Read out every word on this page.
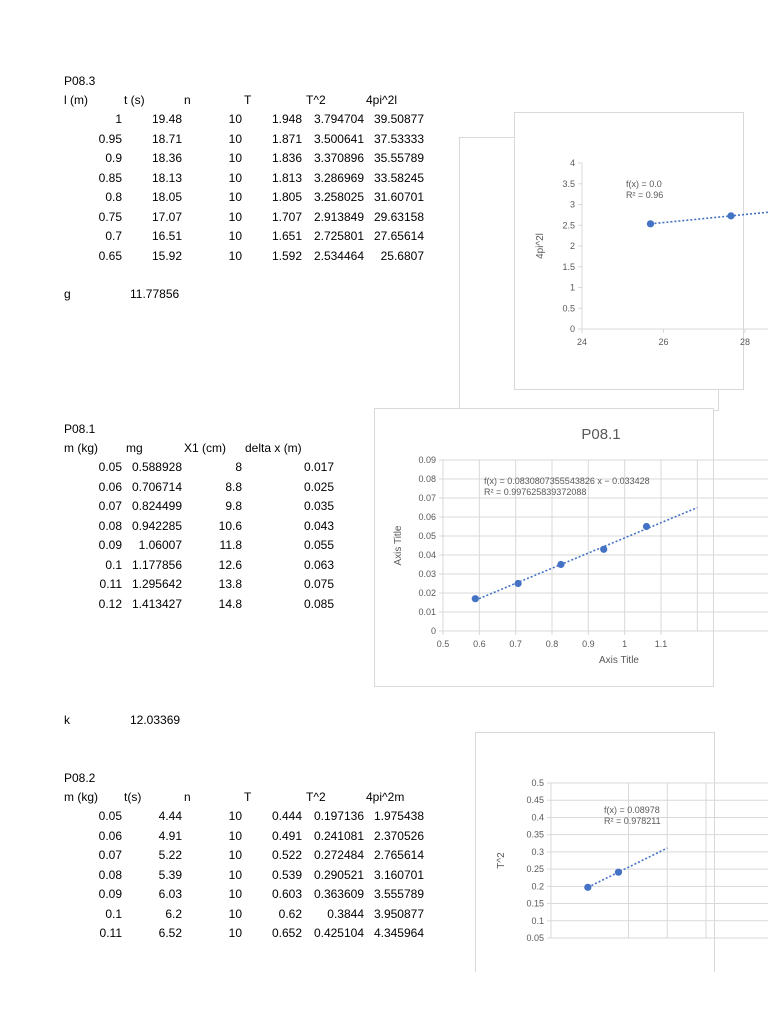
P08.3
l (m)	t (s)	n	T	T^2	4pi^2l
1	19.48	10	1.948 3.794704 39.50877
0.95	18.71	10	1.871 3.500641 37.53333
0.9	18.36	10	1.836 3.370896 35.55789
0.85	18.13	10	1.813 3.286969 33.58245
0.8	18.05	10	1.805 3.258025 31.60701
0.75	17.07	10	1.707 2.913849 29.63158
0.7	16.51	10	1.651 2.725801 27.65614
0.65	15.92	10	1.592 2.534464	25.6807
g	11.77856
P08.1
m (kg)	mg	X1 (cm)	delta x (m)
0.05 0.588928	8	0.017
0.06 0.706714	8.8	0.025
0.07 0.824499	9.8	0.035
0.08 0.942285	10.6	0.043
0.09	1.06007	11.8	0.055
0.1 1.177856	12.6	0.063
0.11 1.295642	13.8	0.075
0.12 1.413427	14.8	0.085
k	12.03369
P08.2
m (kg)	t(s)	n	T	T^2	4pi^2m
0.05	4.44	10	0.444 0.197136 1.975438
0.06	4.91	10	0.491 0.241081 2.370526
0.07	5.22	10	0.522 0.272484 2.765614
0.08	5.39	10	0.539 0.290521 3.160701
0.09	6.03	10	0.603 0.363609 3.555789
0.1	6.2	10	0.62	0.3844 3.950877
0.11	6.52	10	0.652 0.425104 4.345964
0
0.5
1
1.5
2
2.5
3
3.5
4
24	26	28
f(x) = 0.0
R² = 0.96
4pi^2l
P08.1
0
0.01
0.02
0.03
0.04
0.05
0.06
0.07
0.08
0.09
0.5	0.6	0.7	0.8	0.9	1	1.1
f(x) = 0.0830807355543826 x − 0.033428
R² = 0.997625839372088
Axis Title
Axis Title
0.05
0.1
0.15
0.2
0.25
0.3
0.35
0.4
0.45
0.5
f(x) = 0.08978
R² = 0.978211
T^2
